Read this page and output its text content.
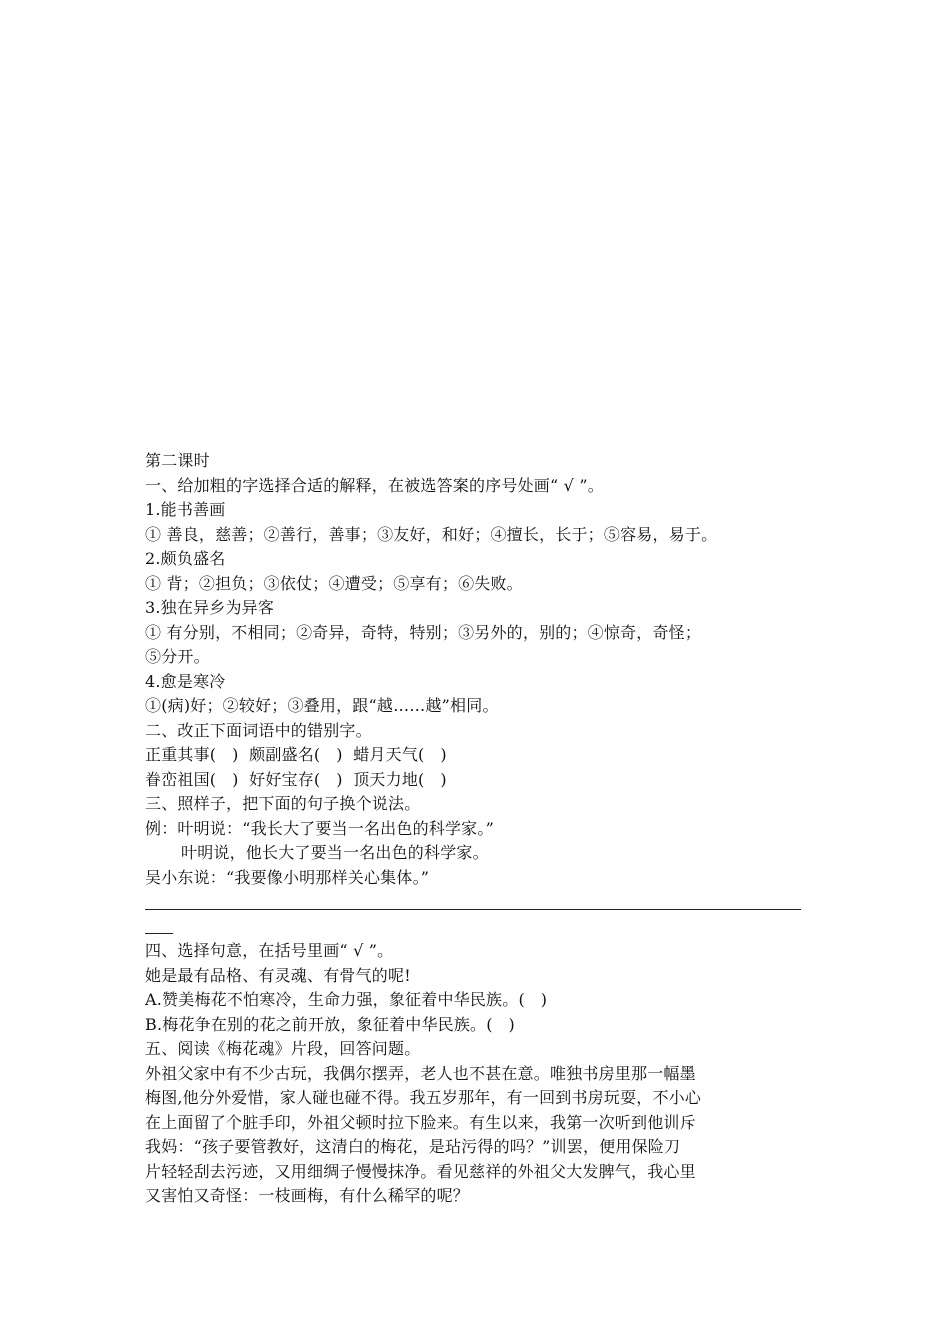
第二课时
一、给加粗的字选择合适的解释，在被选答案的序号处画“ √ ”。
1.能书善画
① 善良，慈善；②善行，善事；③友好，和好；④擅长，长于；⑤容易，易于。
2.颇负盛名
① 背；②担负；③依仗；④遭受；⑤享有；⑥失败。
3.独在异乡为异客
① 有分别，不相同；②奇异，奇特，特别；③另外的，别的；④惊奇，奇怪；
⑤分开。
4.愈是寒冷
①(病)好；②较好；③叠用，跟“越……越”相同。
二、改正下面词语中的错别字。
正重其事(   )  颇副盛名(   )  蜡月天气(   )
眷峦祖国(   )  好好宝存(   )  顶天力地(   )
三、照样子，把下面的句子换个说法。
例：叶明说：“我长大了要当一名出色的科学家。”
叶明说，他长大了要当一名出色的科学家。
吴小东说：“我要像小明那样关心集体。”
四、选择句意，在括号里画“ √ ”。
她是最有品格、有灵魂、有骨气的呢!
A.赞美梅花不怕寒冷，生命力强，象征着中华民族。(   )
B.梅花争在别的花之前开放，象征着中华民族。(   )
五、阅读《梅花魂》片段，回答问题。
外祖父家中有不少古玩，我偶尔摆弄，老人也不甚在意。唯独书房里那一幅墨
梅图,他分外爱惜，家人碰也碰不得。我五岁那年，有一回到书房玩耍，不小心
在上面留了个脏手印，外祖父顿时拉下脸来。有生以来，我第一次听到他训斥
我妈：“孩子要管教好，这清白的梅花，是玷污得的吗？”训罢，便用保险刀
片轻轻刮去污迹，又用细绸子慢慢抹净。看见慈祥的外祖父大发脾气，我心里
又害怕又奇怪：一枝画梅，有什么稀罕的呢？
